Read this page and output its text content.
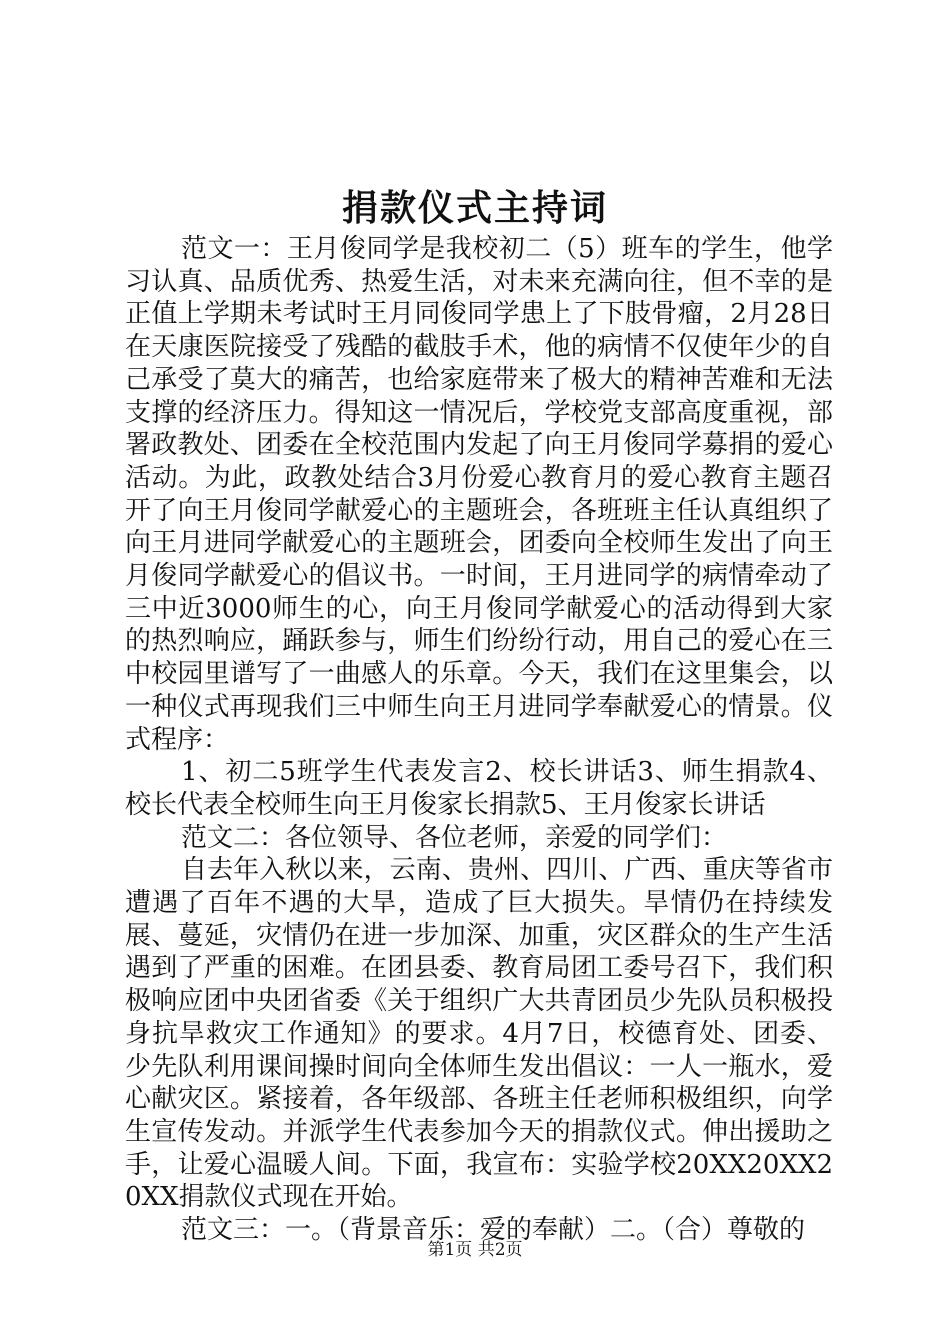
捐款仪式主持词

范文一：王月俊同学是我校初二（5）班车的学生，他学习认真、品质优秀、热爱生活，对未来充满向往，但不幸的是正值上学期未考试时王月同俊同学患上了下肢骨瘤，2月28日在天康医院接受了残酷的截肢手术，他的病情不仅使年少的自己承受了莫大的痛苦，也给家庭带来了极大的精神苦难和无法支撑的经济压力。得知这一情况后，学校党支部高度重视，部署政教处、团委在全校范围内发起了向王月俊同学募捐的爱心活动。为此，政教处结合3月份爱心教育月的爱心教育主题召开了向王月俊同学献爱心的主题班会，各班班主任认真组织了向王月进同学献爱心的主题班会，团委向全校师生发出了向王月俊同学献爱心的倡议书。一时间，王月进同学的病情牵动了三中近3000师生的心，向王月俊同学献爱心的活动得到大家的热烈响应，踊跃参与，师生们纷纷行动，用自己的爱心在三中校园里谱写了一曲感人的乐章。今天，我们在这里集会，以一种仪式再现我们三中师生向王月进同学奉献爱心的情景。仪式程序：

1、初二5班学生代表发言2、校长讲话3、师生捐款4、校长代表全校师生向王月俊家长捐款5、王月俊家长讲话

范文二：各位领导、各位老师，亲爱的同学们：

自去年入秋以来，云南、贵州、四川、广西、重庆等省市遭遇了百年不遇的大旱，造成了巨大损失。旱情仍在持续发展、蔓延，灾情仍在进一步加深、加重，灾区群众的生产生活遇到了严重的困难。在团县委、教育局团工委号召下，我们积极响应团中央团省委《关于组织广大共青团员少先队员积极投身抗旱救灾工作通知》的要求。4月7日，校德育处、团委、少先队利用课间操时间向全体师生发出倡议：一人一瓶水，爱心献灾区。紧接着，各年级部、各班主任老师积极组织，向学生宣传发动。并派学生代表参加今天的捐款仪式。伸出援助之手，让爱心温暖人间。下面，我宣布：实验学校20XX20XX20XX捐款仪式现在开始。

范文三：一。（背景音乐：爱的奉献）二。（合）尊敬的

第1页 共2页
